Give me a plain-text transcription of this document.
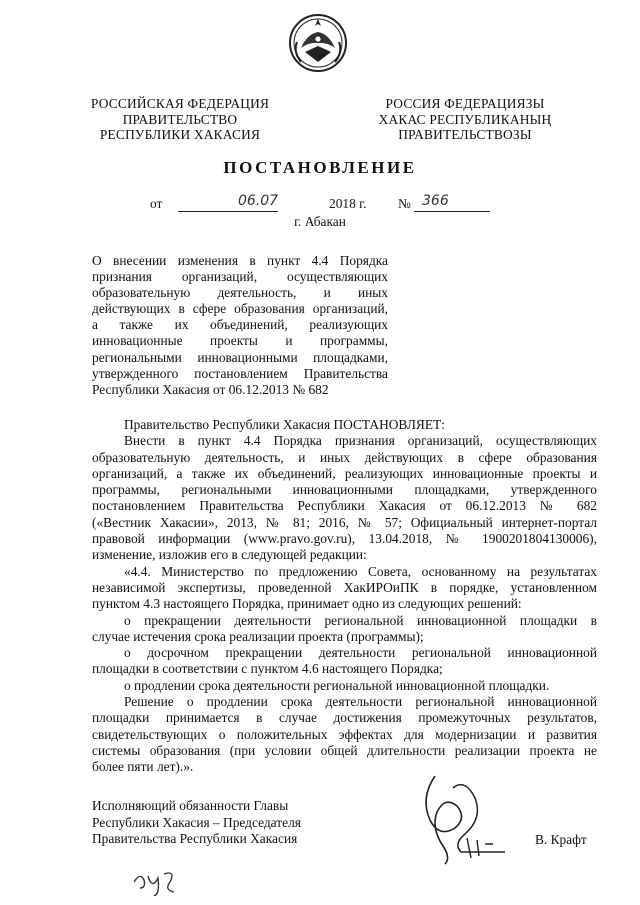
РОССИЙСКАЯ ФЕДЕРАЦИЯ
ПРАВИТЕЛЬСТВО
РЕСПУБЛИКИ ХАКАСИЯ
РОССИЯ ФЕДЕРАЦИЯЗЫ
ХАКАС РЕСПУБЛИКАНЫҢ
ПРАВИТЕЛЬСТВОЗЫ
ПОСТАНОВЛЕНИЕ
от	06.07	2018 г. № 366
г. Абакан
О внесении изменения в пункт 4.4 Порядка
признания организаций, осуществляющих
образовательную деятельность, и иных
действующих в сфере образования организаций,
а также их объединений, реализующих
инновационные проекты и программы,
региональными инновационными площадками,
утвержденного постановлением Правительства
Республики Хакасия от 06.12.2013 № 682
Правительство Республики Хакасия ПОСТАНОВЛЯЕТ:
Внести в пункт 4.4 Порядка признания организаций, осуществляющих
образовательную деятельность, и иных действующих в сфере образования
организаций, а также их объединений, реализующих инновационные проекты и
программы, региональными инновационными площадками, утвержденного
постановлением Правительства Республики Хакасия от 06.12.2013 № 682
(«Вестник Хакасии», 2013, № 81; 2016, № 57; Официальный интернет-портал
правовой информации (www.pravo.gov.ru), 13.04.2018, № 1900201804130006),
изменение, изложив его в следующей редакции:
«4.4. Министерство по предложению Совета, основанному на результатах
независимой экспертизы, проведенной ХакИРОиПК в порядке, установленном
пунктом 4.3 настоящего Порядка, принимает одно из следующих решений:
о прекращении деятельности региональной инновационной площадки в
случае истечения срока реализации проекта (программы);
о досрочном прекращении деятельности региональной инновационной
площадки в соответствии с пунктом 4.6 настоящего Порядка;
о продлении срока деятельности региональной инновационной площадки.
Решение о продлении срока деятельности региональной инновационной
площадки принимается в случае достижения промежуточных результатов,
свидетельствующих о положительных эффектах для модернизации и развития
системы образования (при условии общей длительности реализации проекта не
более пяти лет).».
Исполняющий обязанности Главы
Республики Хакасия – Председателя
Правительства Республики Хакасия	В. Крафт
